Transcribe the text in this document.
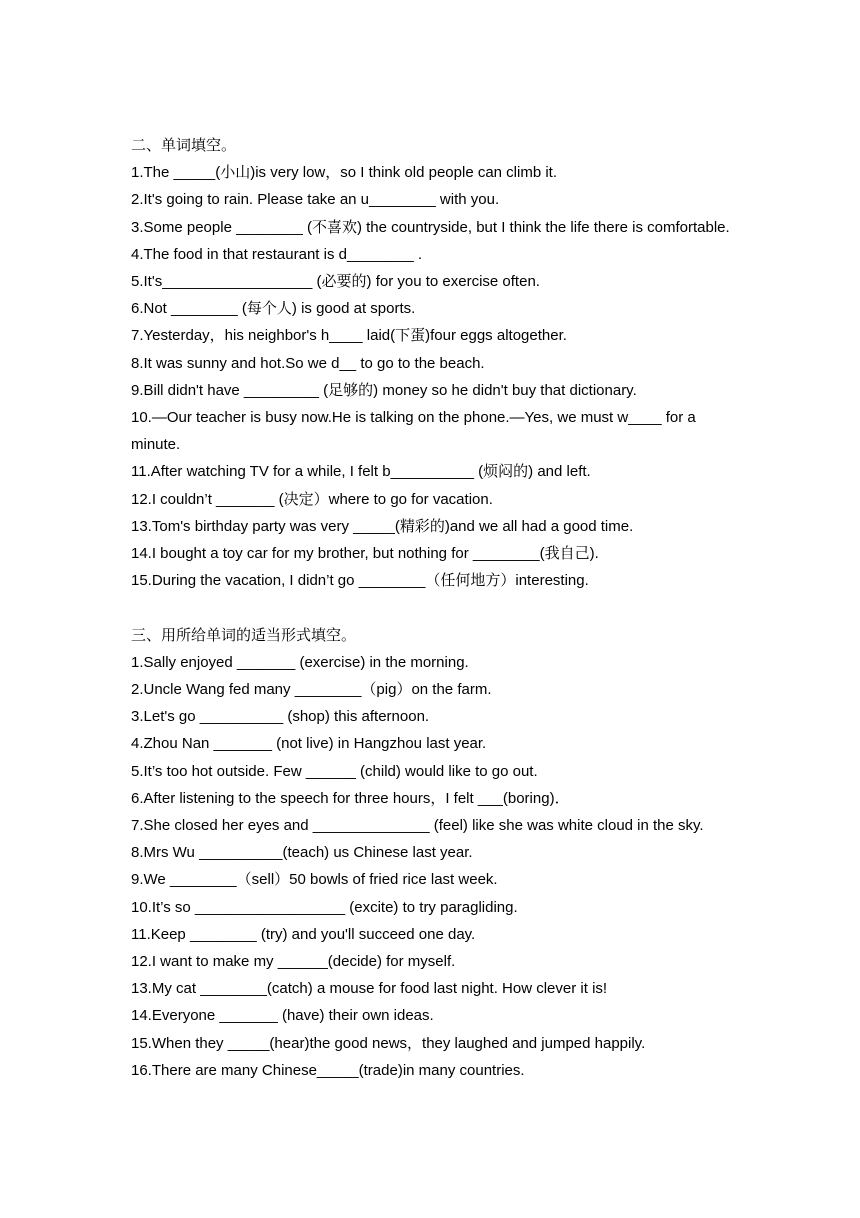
二、单词填空。
1.The _____(小山)is very low，so I think old people can climb it.
2.It's going to rain. Please take an u________ with you.
3.Some people ________ (不喜欢) the countryside, but I think the life there is comfortable.
4.The food in that restaurant is d________ .
5.It's__________________ (必要的) for you to exercise often.
6.Not ________ (每个人) is good at sports.
7.Yesterday，his neighbor's h____ laid(下蛋)four eggs altogether.
8.It was sunny and hot.So we d__ to go to the beach.
9.Bill didn't have _________ (足够的) money so he didn't buy that dictionary.
10.—Our teacher is busy now.He is talking on the phone.—Yes, we must w____ for a minute.
11.After watching TV for a while, I felt b__________ (烦闷的) and left.
12.I couldn’t _______ (决定）where to go for vacation.
13.Tom's birthday party was very _____(精彩的)and we all had a good time.
14.I bought a toy car for my brother, but nothing for ________(我自己).
15.During the vacation, I didn’t go ________（任何地方）interesting.
三、用所给单词的适当形式填空。
1.Sally enjoyed _______ (exercise) in the morning.
2.Uncle Wang fed many ________（pig）on the farm.
3.Let's go __________ (shop) this afternoon.
4.Zhou Nan _______ (not live) in Hangzhou last year.
5.It’s too hot outside. Few ______ (child) would like to go out.
6.After listening to the speech for three hours，I felt ___(boring)．
7.She closed her eyes and ______________ (feel) like she was white cloud in the sky.
8.Mrs Wu __________(teach) us Chinese last year.
9.We ________（sell）50 bowls of fried rice last week.
10.It’s so __________________ (excite) to try paragliding.
11.Keep ________ (try) and you'll succeed one day.
12.I want to make my ______(decide) for myself.
13.My cat ________(catch) a mouse for food last night. How clever it is!
14.Everyone _______ (have) their own ideas.
15.When they _____(hear)the good news，they laughed and jumped happily.
16.There are many Chinese_____(trade)in many countries.
